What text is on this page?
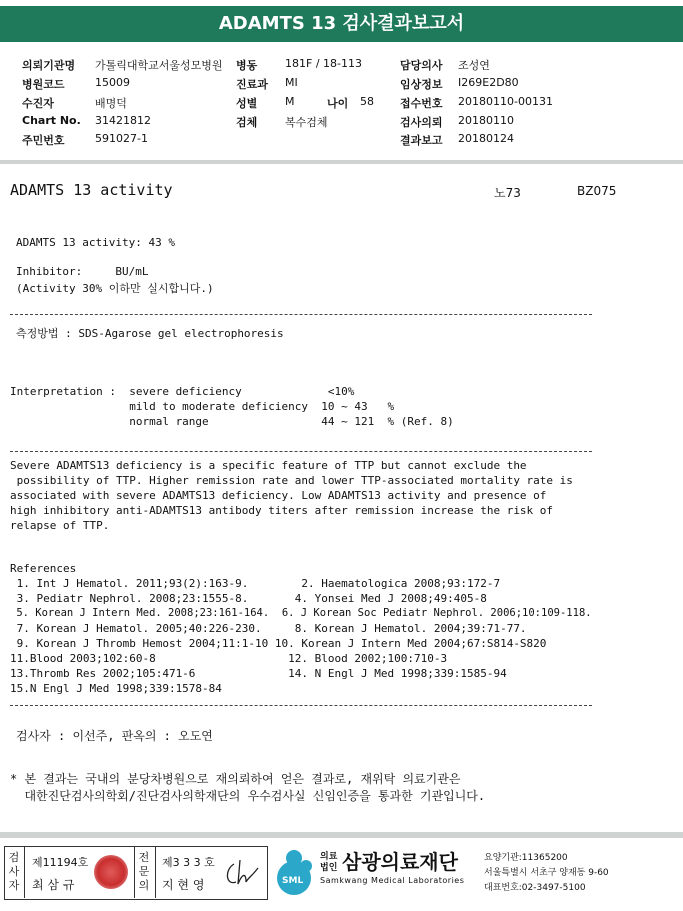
ADAMTS 13 검사결과보고서
의뢰기관명 가톨릭대학교서울성모병원
병원코드	15009
수진자	배명덕
Chart No. 31421812
주민번호	591027-1
병동	181F / 18-113
진료과 MI
성별	M	나이 58
검체	복수검체
담당의사 조성연
임상정보 I269E2D80
접수번호 20180110-00131
검사의뢰 20180110
결과보고 20180124
ADAMTS 13 activity	노73	BZ075
ADAMTS 13 activity: 43 %
Inhibitor:     BU/mL
(Activity 30% 이하만 실시합니다.)
측정방법 : SDS-Agarose gel electrophoresis
Interpretation :  severe deficiency             <10%
mild to moderate deficiency  10 ~ 43   %
normal range                 44 ~ 121  % (Ref. 8)
Severe ADAMTS13 deficiency is a specific feature of TTP but cannot exclude the
possibility of TTP. Higher remission rate and lower TTP-associated mortality rate is
associated with severe ADAMTS13 deficiency. Low ADAMTS13 activity and presence of
high inhibitory anti-ADAMTS13 antibody titers after remission increase the risk of
relapse of TTP.
References
1. Int J Hematol. 2011;93(2):163-9.        2. Haematologica 2008;93:172-7
3. Pediatr Nephrol. 2008;23:1555-8.       4. Yonsei Med J 2008;49:405-8
5. Korean J Intern Med. 2008;23:161-164.  6. J Korean Soc Pediatr Nephrol. 2006;10:109-118.
7. Korean J Hematol. 2005;40:226-230.     8. Korean J Hematol. 2004;39:71-77.
9. Korean J Thromb Hemost 2004;11:1-10 10. Korean J Intern Med 2004;67:S814-S820
11.Blood 2003;102:60-8                    12. Blood 2002;100:710-3
13.Thromb Res 2002;105:471-6              14. N Engl J Med 1998;339:1585-94
15.N Engl J Med 1998;339:1578-84
검사자 : 이선주, 판옥의 : 오도연
* 본 결과는 국내의 분당차병원으로 재의뢰하여 얻은 결과로, 재위탁 의료기관은
대한진단검사의학회/진단검사의학재단의 우수검사실 신임인증을 통과한 기관입니다.
검
사
자
제11194호
최 삼 규
전
문
의
제3 3 3 호
지 현 영	SML
의료
법인 삼광의료재단
Samkwang Medical Laboratories
요양기관:11365200
서울특별시 서초구 양재동 9-60
대표번호:02-3497-5100
